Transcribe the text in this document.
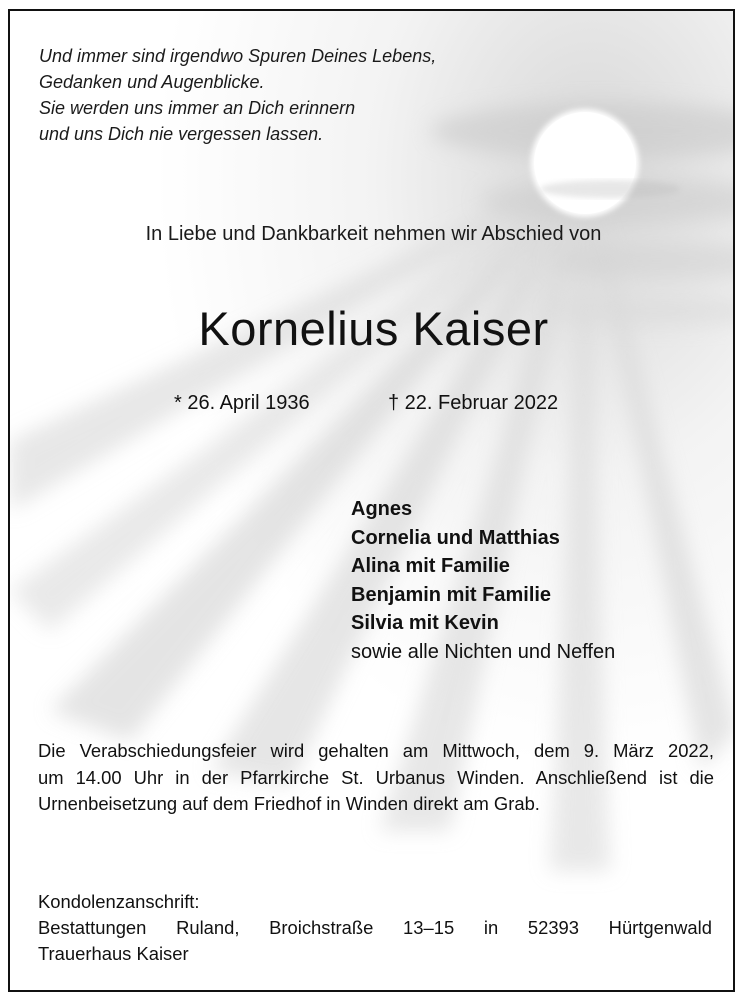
Und immer sind irgendwo Spuren Deines Lebens,
Gedanken und Augenblicke.
Sie werden uns immer an Dich erinnern
und uns Dich nie vergessen lassen.
In Liebe und Dankbarkeit nehmen wir Abschied von
Kornelius Kaiser
* 26. April 1936	† 22. Februar 2022
Agnes
Cornelia und Matthias
Alina mit Familie
Benjamin mit Familie
Silvia mit Kevin
sowie alle Nichten und Neffen
Die Verabschiedungsfeier wird gehalten am Mittwoch, dem 9. März 2022,
um 14.00 Uhr in der Pfarrkirche St. Urbanus Winden. Anschließend ist die
Urnenbeisetzung auf dem Friedhof in Winden direkt am Grab.
Kondolenzanschrift:
Bestattungen Ruland, Broichstraße 13–15 in 52393 Hürtgenwald
Trauerhaus Kaiser
